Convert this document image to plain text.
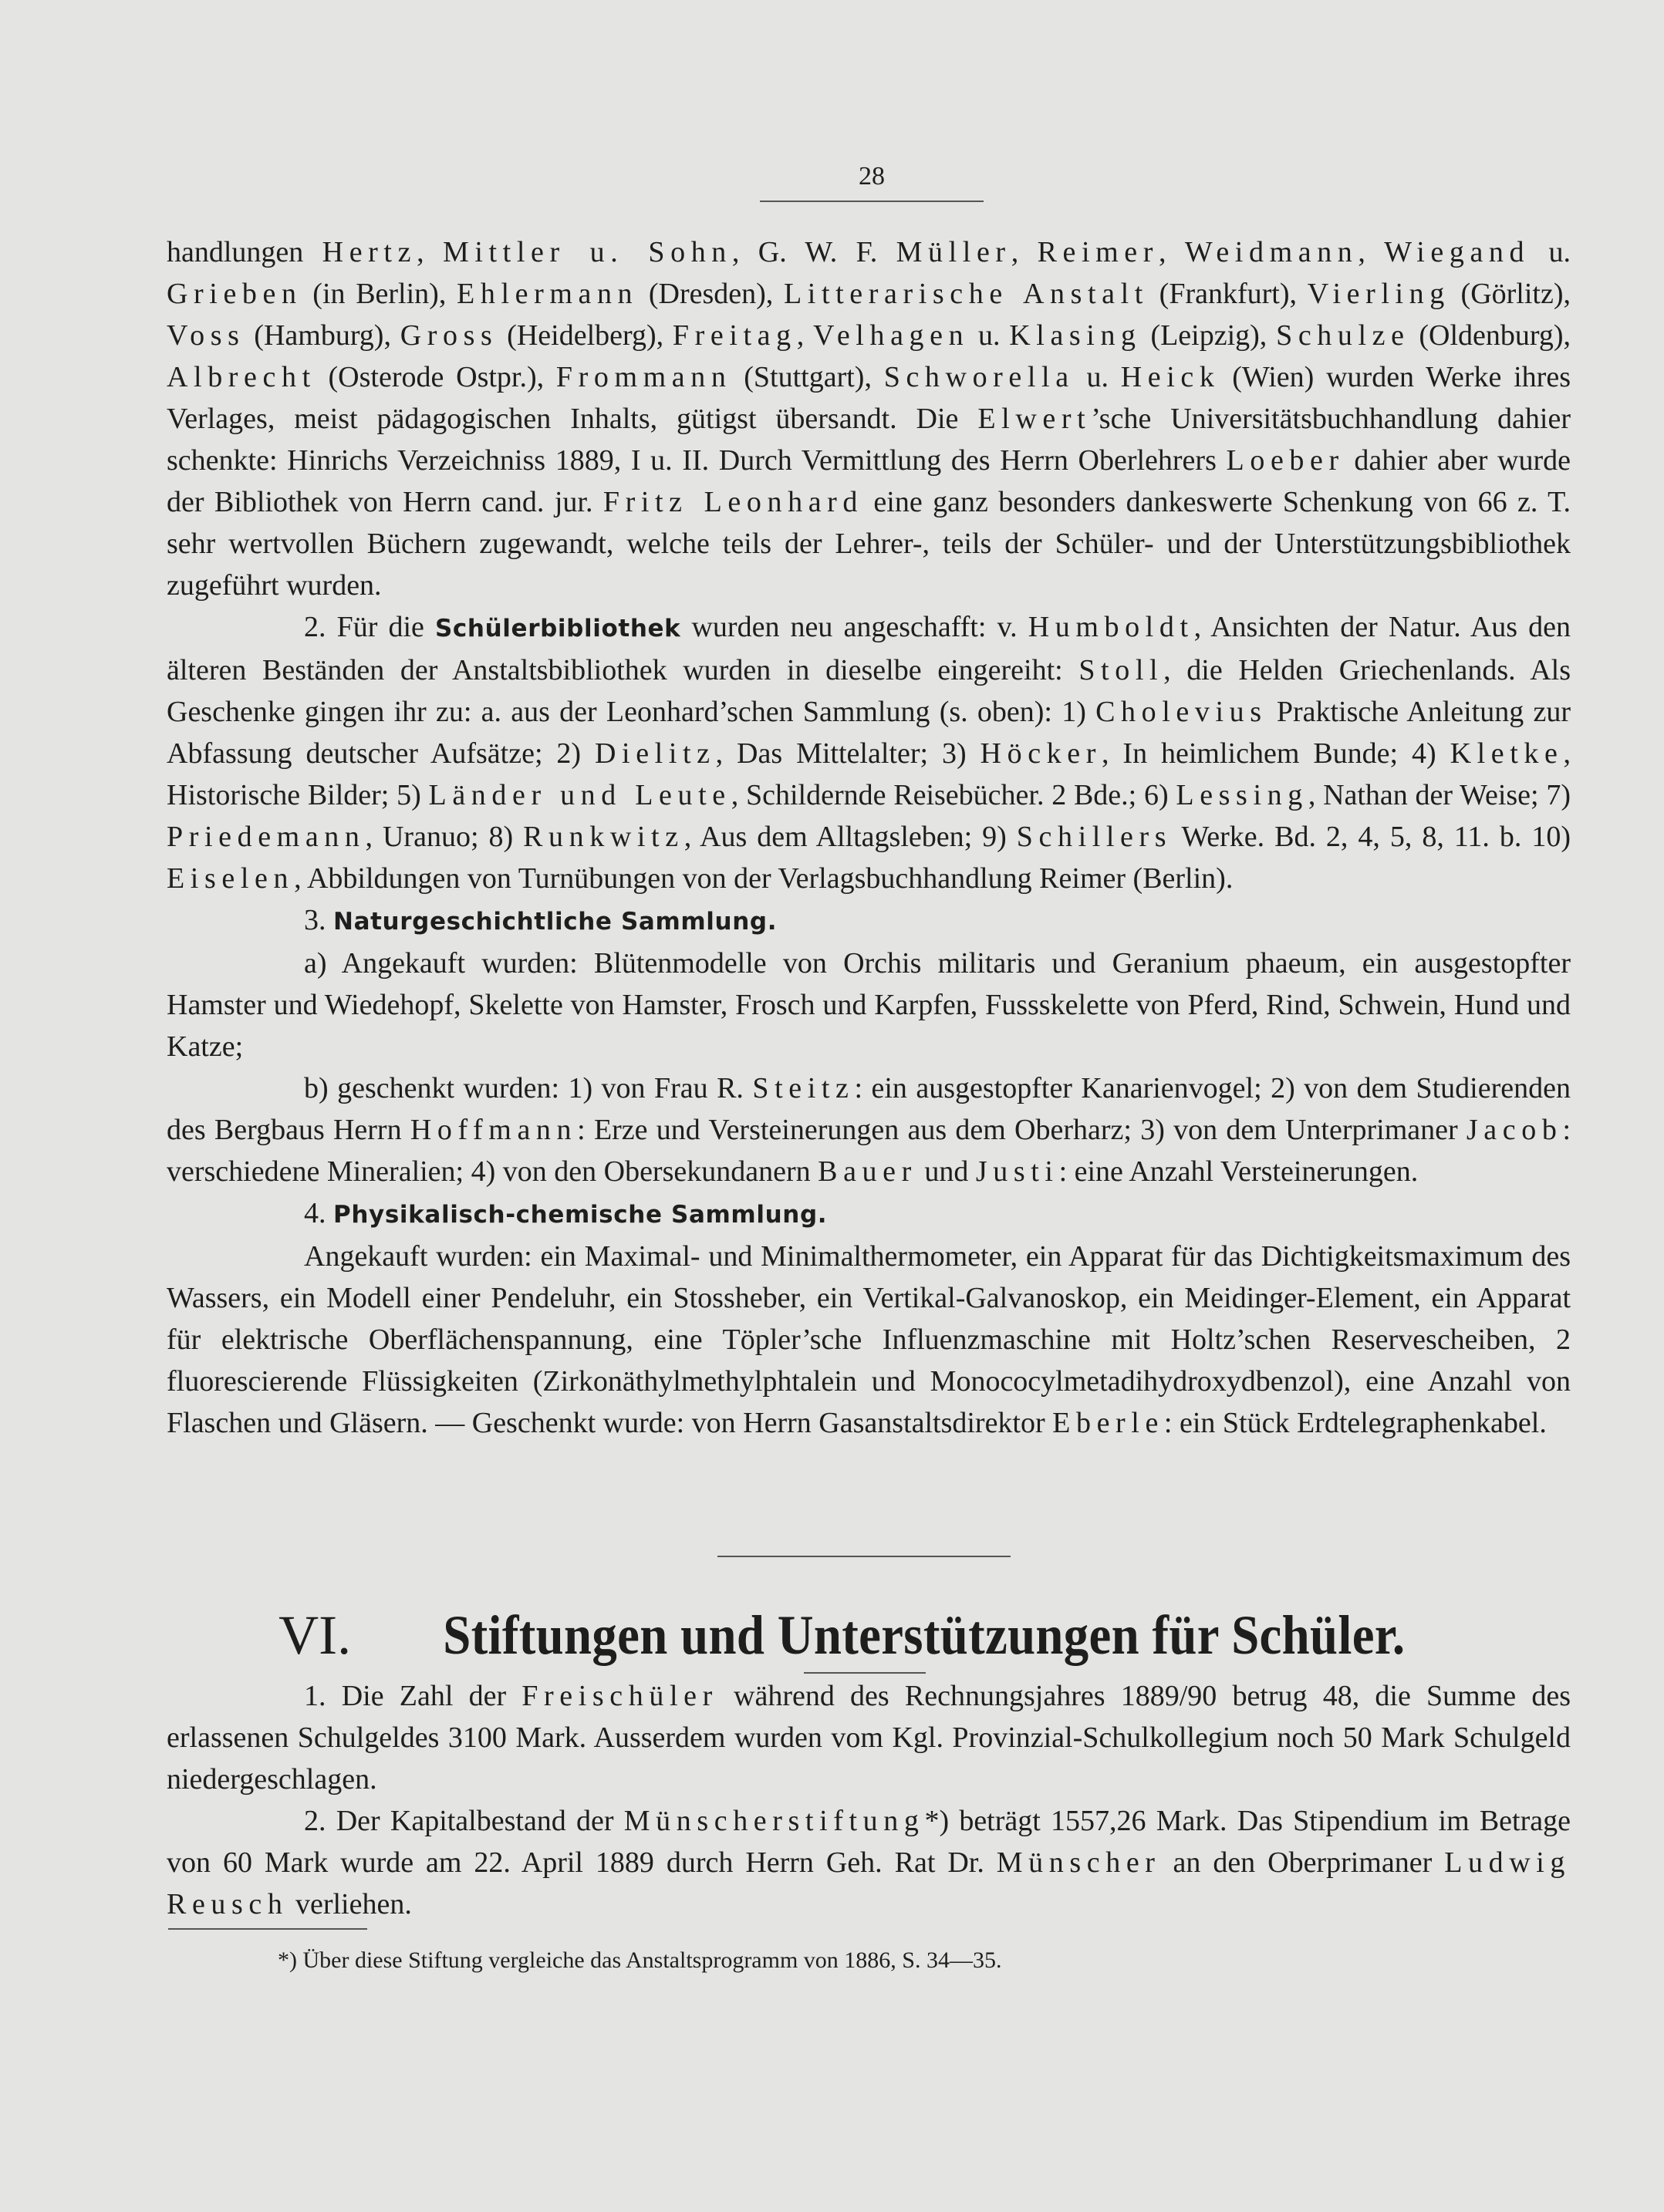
28

handlungen Hertz, Mittler u. Sohn, G. W. F. Müller, Reimer, Weidmann, Wiegand u. Grieben (in Berlin), Ehlermann (Dresden), Litterarische Anstalt (Frankfurt), Vierling (Görlitz), Voss (Hamburg), Gross (Heidelberg), Freitag, Velhagen u. Klasing (Leipzig), Schulze (Oldenburg), Albrecht (Osterode Ostpr.), Frommann (Stuttgart), Schworella u. Heick (Wien) wurden Werke ihres Verlages, meist pädagogischen Inhalts, gütigst übersandt. Die Elwert’sche Universitätsbuchhandlung dahier schenkte: Hinrichs Verzeichniss 1889, I u. II. Durch Vermittlung des Herrn Oberlehrers Loeber dahier aber wurde der Bibliothek von Herrn cand. jur. Fritz Leonhard eine ganz besonders dankeswerte Schenkung von 66 z. T. sehr wertvollen Büchern zugewandt, welche teils der Lehrer-, teils der Schüler- und der Unterstützungsbibliothek zugeführt wurden.

2. Für die Schülerbibliothek wurden neu angeschafft: v. Humboldt, Ansichten der Natur. Aus den älteren Beständen der Anstaltsbibliothek wurden in dieselbe eingereiht: Stoll, die Helden Griechenlands. Als Geschenke gingen ihr zu: a. aus der Leonhard’schen Sammlung (s. oben): 1) Cholevius Praktische Anleitung zur Abfassung deutscher Aufsätze; 2) Dielitz, Das Mittelalter; 3) Höcker, In heimlichem Bunde; 4) Kletke, Historische Bilder; 5) Länder und Leute, Schildernde Reisebücher. 2 Bde.; 6) Lessing, Nathan der Weise; 7) Priedemann, Uranuo; 8) Runkwitz, Aus dem Alltagsleben; 9) Schillers Werke. Bd. 2, 4, 5, 8, 11. b. 10) Eiselen, Abbildungen von Turnübungen von der Verlagsbuchhandlung Reimer (Berlin).

3. Naturgeschichtliche Sammlung.

a) Angekauft wurden: Blütenmodelle von Orchis militaris und Geranium phaeum, ein ausgestopfter Hamster und Wiedehopf, Skelette von Hamster, Frosch und Karpfen, Fussskelette von Pferd, Rind, Schwein, Hund und Katze;

b) geschenkt wurden: 1) von Frau R. Steitz: ein ausgestopfter Kanarienvogel; 2) von dem Studierenden des Bergbaus Herrn Hoffmann: Erze und Versteinerungen aus dem Oberharz; 3) von dem Unterprimaner Jacob: verschiedene Mineralien; 4) von den Obersekundanern Bauer und Justi: eine Anzahl Versteinerungen.

4. Physikalisch-chemische Sammlung.

Angekauft wurden: ein Maximal- und Minimalthermometer, ein Apparat für das Dichtigkeitsmaximum des Wassers, ein Modell einer Pendeluhr, ein Stossheber, ein Vertikal-Galvanoskop, ein Meidinger-Element, ein Apparat für elektrische Oberflächenspannung, eine Töpler’sche Influenzmaschine mit Holtz’schen Reservescheiben, 2 fluorescierende Flüssigkeiten (Zirkonäthylmethylphtalein und Monococylmetadihydroxydbenzol), eine Anzahl von Flaschen und Gläsern. — Geschenkt wurde: von Herrn Gasanstaltsdirektor Eberle: ein Stück Erdtelegraphenkabel.

VI. Stiftungen und Unterstützungen für Schüler.

1. Die Zahl der Freischüler während des Rechnungsjahres 1889/90 betrug 48, die Summe des erlassenen Schulgeldes 3100 Mark. Ausserdem wurden vom Kgl. Provinzial-Schulkollegium noch 50 Mark Schulgeld niedergeschlagen.

2. Der Kapitalbestand der Münscherstiftung*) beträgt 1557,26 Mark. Das Stipendium im Betrage von 60 Mark wurde am 22. April 1889 durch Herrn Geh. Rat Dr. Münscher an den Oberprimaner Ludwig Reusch verliehen.

*) Über diese Stiftung vergleiche das Anstaltsprogramm von 1886, S. 34—35.
